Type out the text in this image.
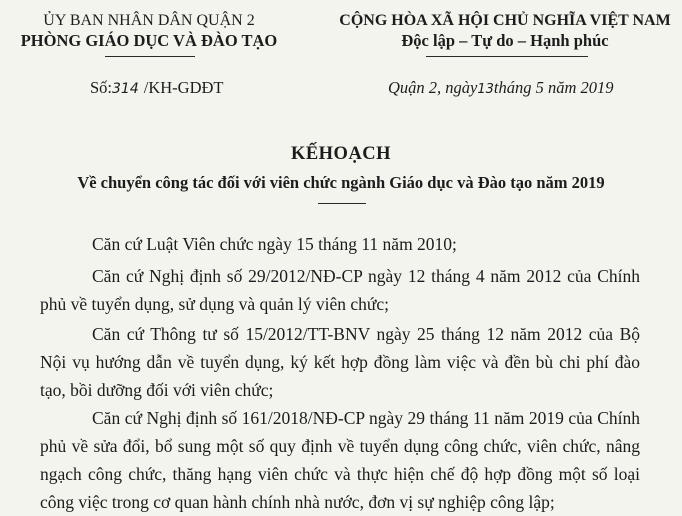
ỦY BAN NHÂN DÂN QUẬN 2
PHÒNG GIÁO DỤC VÀ ĐÀO TẠO
Số:314 /KH-GDĐT
CỘNG HÒA XÃ HỘI CHỦ NGHĨA VIỆT NAM
Độc lập – Tự do – Hạnh phúc
Quận 2, ngày13tháng 5 năm 2019
KẾHOẠCH
Về chuyển công tác đối với viên chức ngành Giáo dục và Đào tạo năm 2019
Căn cứ Luật Viên chức ngày 15 tháng 11 năm 2010;
Căn cứ Nghị định số 29/2012/NĐ-CP ngày 12 tháng 4 năm 2012 của Chính phủ về tuyển dụng, sử dụng và quản lý viên chức;
Căn cứ Thông tư số 15/2012/TT-BNV ngày 25 tháng 12 năm 2012 của Bộ Nội vụ hướng dẫn về tuyển dụng, ký kết hợp đồng làm việc và đền bù chi phí đào tạo, bồi dưỡng đối với viên chức;
Căn cứ Nghị định số 161/2018/NĐ-CP ngày 29 tháng 11 năm 2019 của Chính phủ về sửa đổi, bổ sung một số quy định về tuyển dụng công chức, viên chức, nâng ngạch công chức, thăng hạng viên chức và thực hiện chế độ hợp đồng một số loại công việc trong cơ quan hành chính nhà nước, đơn vị sự nghiệp công lập;
